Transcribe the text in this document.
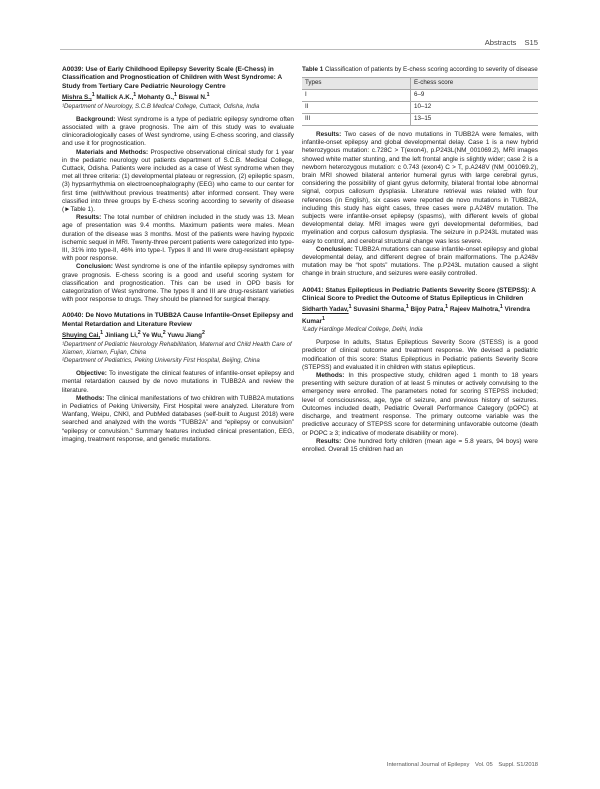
Abstracts S15

A0039: Use of Early Childhood Epilepsy Severity Scale (E-Chess) in Classification and Prognostication of Children with West Syndrome: A Study from Tertiary Care Pediatric Neurology Centre

Mishra S.,$^1$ Mallick A.K.,$^1$ Mohanty G.,$^1$ Biswal N.$^1$

¹Department of Neurology, S.C.B Medical College, Cuttack, Odisha, India

Background: West syndrome is a type of pediatric epilepsy syndrome often associated with a grave prognosis. The aim of this study was to evaluate clinicoradiologically cases of West syndrome, using E-chess scoring, and classify and use it for prognostication.

Materials and Methods: Prospective observational clinical study for 1 year in the pediatric neurology out patients department of S.C.B. Medical College, Cuttack, Odisha. Patients were included as a case of West syndrome when they met all three criteria: (1) developmental plateau or regression, (2) epileptic spasm, (3) hypsarrhythmia on electroencephalography (EEG) who came to our center for first time (with/without previous treatments) after informed consent. They were classified into three groups by E-chess scoring according to severity of disease (►Table 1).

Results: The total number of children included in the study was 13. Mean age of presentation was 9.4 months. Maximum patients were males. Mean duration of the disease was 3 months. Most of the patients were having hypoxic ischemic sequel in MRI. Twenty-three percent patients were categorized into type-III, 31% into type-II, 46% into type-I. Types II and III were drug-resistant epilepsy with poor response.

Conclusion: West syndrome is one of the infantile epilepsy syndromes with grave prognosis. E-chess scoring is a good and useful scoring system for classification and prognostication. This can be used in OPD basis for categorization of West syndrome. The types II and III are drug-resistant varieties with poor response to drugs. They should be planned for surgical therapy.

A0040: De Novo Mutations in TUBB2A Cause Infantile-Onset Epilepsy and Mental Retardation and Literature Review

Shuying Cai,$^1$ Jinliang Li,$^2$ Ye Wu,$^2$ Yuwu Jiang$^2$

¹Department of Pediatric Neurology Rehabilitation, Maternal and Child Health Care of Xiamen, Xiamen, Fujian, China

²Department of Pediatrics, Peking University First Hospital, Beijing, China

Objective: To investigate the clinical features of infantile-onset epilepsy and mental retardation caused by de novo mutations in TUBB2A and review the literature.

Methods: The clinical manifestations of two children with TUBB2A mutations in Pediatrics of Peking University, First Hospital were analyzed. Literature from Wanfang, Weipu, CNKI, and PubMed databases (self-built to August 2018) were searched and analyzed with the words “TUBB2A” and “epilepsy or convulsion” “epilepsy or convulsion.” Summary features included clinical presentation, EEG, imaging, treatment response, and genetic mutations.

Table 1 Classification of patients by E-chess scoring according to severity of disease

Types	E-chess score
I	6–9
II	10–12
III	13–15

Results: Two cases of de novo mutations in TUBB2A were females, with infantile-onset epilepsy and global developmental delay. Case 1 is a new hybrid heterozygous mutation: c.728C > T(exon4), p.P243L(NM_001069.2), MRI images showed white matter stunting, and the left frontal angle is slightly wider; case 2 is a newborn heterozygous mutation: c 0.743 (exon4) C > T, p.A248V (NM_001069.2), brain MRI showed bilateral anterior humeral gyrus with large cerebral gyrus, considering the possibility of giant gyrus deformity, bilateral frontal lobe abnormal signal, corpus callosum dysplasia. Literature retrieval was related with four references (in English), six cases were reported de novo mutations in TUBB2A, including this study has eight cases, three cases were p.A248V mutation. The subjects were infantile-onset epilepsy (spasms), with different levels of global developmental delay. MRI images were gyri developmental deformities, bad myelination and corpus callosum dysplasia. The seizure in p.P243L mutated was easy to control, and cerebral structural change was less severe.

Conclusion: TUBB2A mutations can cause infantile-onset epilepsy and global developmental delay, and different degree of brain malformations. The p.A248v mutation may be “hot spots” mutations. The p.P243L mutation caused a slight change in brain structure, and seizures were easily controlled.

A0041: Status Epilepticus in Pediatric Patients Severity Score (STEPSS): A Clinical Score to Predict the Outcome of Status Epilepticus in Children

Sidharth Yadav,$^1$ Suvasini Sharma,$^1$ Bijoy Patra,$^1$ Rajeev Malhotra,$^1$ Virendra Kumar$^1$

¹Lady Hardinge Medical College, Delhi, India

Purpose In adults, Status Epilepticus Severity Score (STESS) is a good predictor of clinical outcome and treatment response. We devised a pediatric modification of this score: Status Epilepticus in Pediatric patients Severity Score (STEPSS) and evaluated it in children with status epilepticus.

Methods: In this prospective study, children aged 1 month to 18 years presenting with seizure duration of at least 5 minutes or actively convulsing to the emergency were enrolled. The parameters noted for scoring STEPSS included; level of consciousness, age, type of seizure, and previous history of seizures. Outcomes included death, Pediatric Overall Performance Category (pOPC) at discharge, and treatment response. The primary outcome variable was the predictive accuracy of STEPSS score for determining unfavorable outcome (death or POPC ≥ 3; indicative of moderate disability or more).

Results: One hundred forty children (mean age = 5.8 years, 94 boys) were enrolled. Overall 15 children had an

International Journal of Epilepsy Vol. 05 Suppl. S1/2018
